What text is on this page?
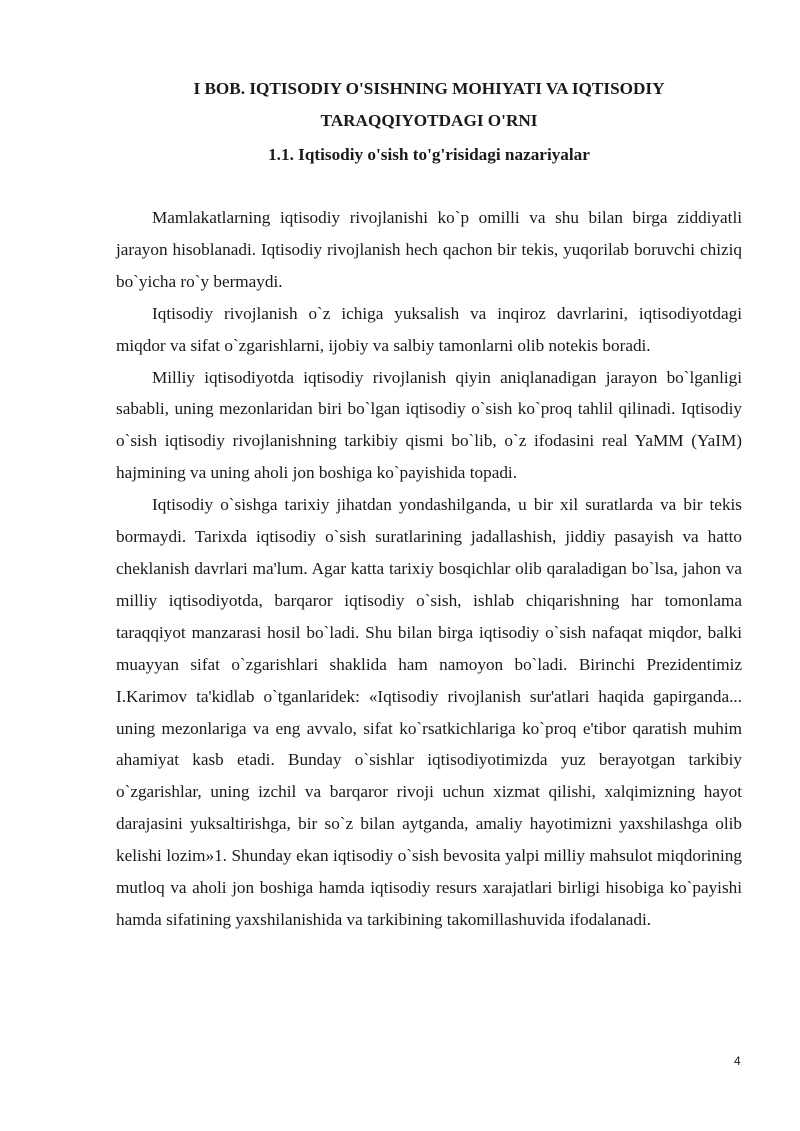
I BOB. IQTISODIY O'SISHNING MOHIYATI VA IQTISODIY TARAQQIYOTDAGI O'RNI
1.1. Iqtisodiy o'sish to'g'risidagi nazariyalar

Mamlakatlarning iqtisodiy rivojlanishi ko`p omilli va shu bilan birga ziddiyatli jarayon hisoblanadi. Iqtisodiy rivojlanish hech qachon bir tekis, yuqorilab boruvchi chiziq bo`yicha ro`y bermaydi.

Iqtisodiy rivojlanish o`z ichiga yuksalish va inqiroz davrlarini, iqtisodiyotdagi miqdor va sifat o`zgarishlarni, ijobiy va salbiy tamonlarni olib notekis boradi.

Milliy iqtisodiyotda iqtisodiy rivojlanish qiyin aniqlanadigan jarayon bo`lganligi sababli, uning mezonlaridan biri bo`lgan iqtisodiy o`sish ko`proq tahlil qilinadi. Iqtisodiy o`sish iqtisodiy rivojlanishning tarkibiy qismi bo`lib, o`z ifodasini real YaMM (YaIM) hajmining va uning aholi jon boshiga ko`payishida topadi.

Iqtisodiy o`sishga tarixiy jihatdan yondashilganda, u bir xil suratlarda va bir tekis bormaydi. Tarixda iqtisodiy o`sish suratlarining jadallashish, jiddiy pasayish va hatto cheklanish davrlari ma'lum. Agar katta tarixiy bosqichlar olib qaraladigan bo`lsa, jahon va milliy iqtisodiyotda, barqaror iqtisodiy o`sish, ishlab chiqarishning har tomonlama taraqqiyot manzarasi hosil bo`ladi. Shu bilan birga iqtisodiy o`sish nafaqat miqdor, balki muayyan sifat o`zgarishlari shaklida ham namoyon bo`ladi. Birinchi Prezidentimiz I.Karimov ta'kidlab o`tganlaridek: «Iqtisodiy rivojlanish sur'atlari haqida gapirganda... uning mezonlariga va eng avvalo, sifat ko`rsatkichlariga ko`proq e'tibor qaratish muhim ahamiyat kasb etadi. Bunday o`sishlar iqtisodiyotimizda yuz berayotgan tarkibiy o`zgarishlar, uning izchil va barqaror rivoji uchun xizmat qilishi, xalqimizning hayot darajasini yuksaltirishga, bir so`z bilan aytganda, amaliy hayotimizni yaxshilashga olib kelishi lozim»1. Shunday ekan iqtisodiy o`sish bevosita yalpi milliy mahsulot miqdorining mutloq va aholi jon boshiga hamda iqtisodiy resurs xarajatlari birligi hisobiga ko`payishi hamda sifatining yaxshilanishida va tarkibining takomillashuvida ifodalanadi.

4
